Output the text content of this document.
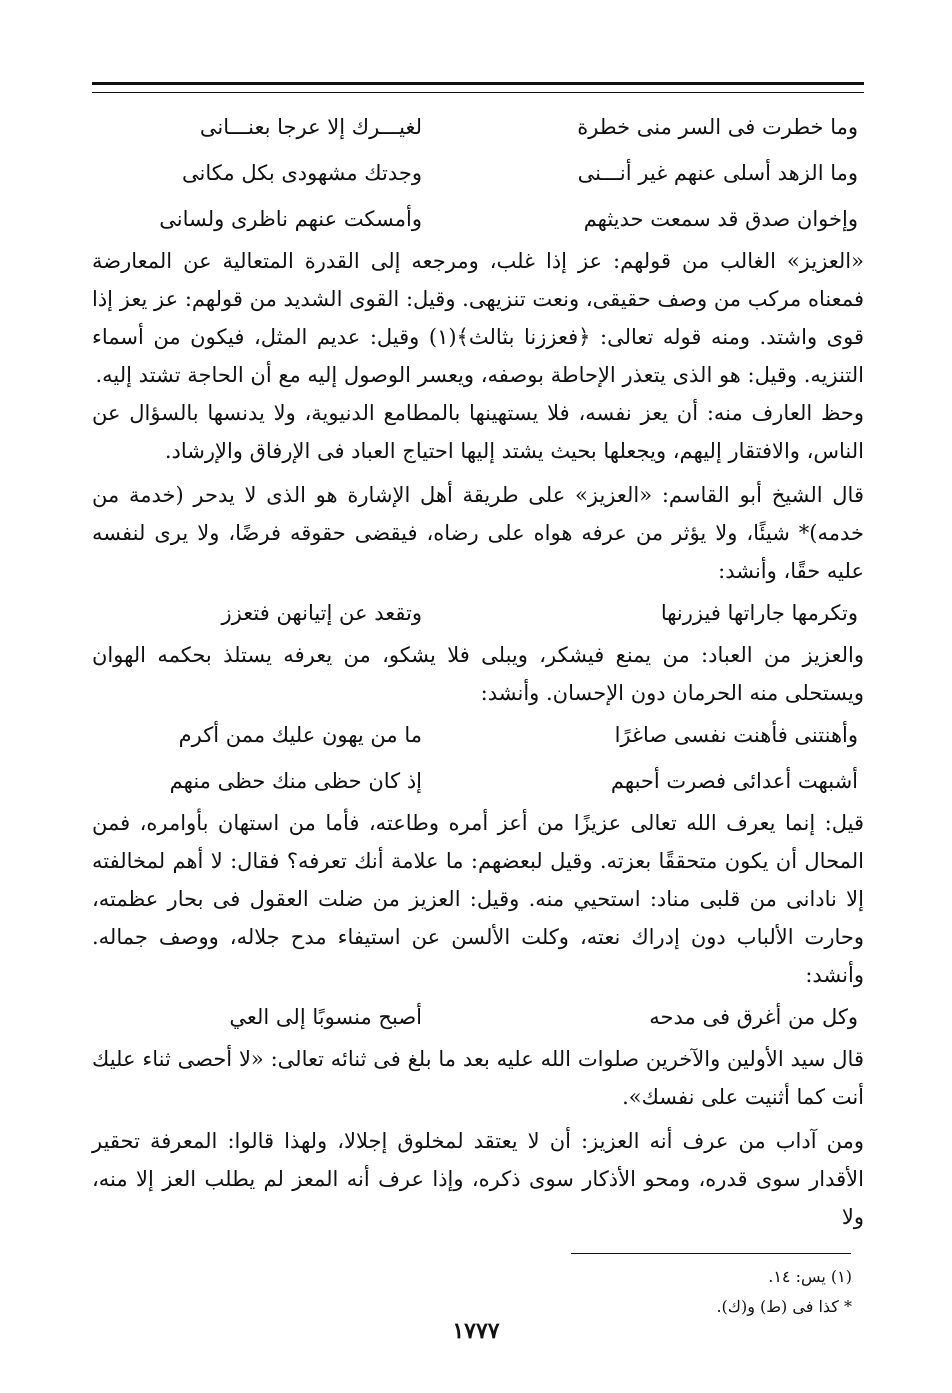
وما خطرت فى السر منى خطرة
لغيـــرك إلا عرجا بعنـــانى
وما الزهد أسلى عنهم غير أنـــنى
وجدتك مشهودى بكل مكانى
وإخوان صدق قد سمعت حديثهم
وأمسكت عنهم ناظرى ولسانى

«العزيز» الغالب من قولهم: عز إذا غلب، ومرجعه إلى القدرة المتعالية عن المعارضة فمعناه مركب من وصف حقيقى، ونعت تنزيهى. وقيل: القوى الشديد من قولهم: عز يعز إذا قوى واشتد. ومنه قوله تعالى: ﴿فعززنا بثالث﴾(١) وقيل: عديم المثل، فيكون من أسماء التنزيه. وقيل: هو الذى يتعذر الإحاطة بوصفه، ويعسر الوصول إليه مع أن الحاجة تشتد إليه.

وحظ العارف منه: أن يعز نفسه، فلا يستهينها بالمطامع الدنيوية، ولا يدنسها بالسؤال عن الناس، والافتقار إليهم، ويجعلها بحيث يشتد إليها احتياج العباد فى الإرفاق والإرشاد.

قال الشيخ أبو القاسم: «العزيز» على طريقة أهل الإشارة هو الذى لا يدحر (خدمة من خدمه)* شيئًا، ولا يؤثر من عرفه هواه على رضاه، فيقضى حقوقه فرضًا، ولا يرى لنفسه عليه حقًا، وأنشد:

وتكرمها جاراتها فيزرنها
وتقعد عن إتيانهن فتعزز

والعزيز من العباد: من يمنع فيشكر، ويبلى فلا يشكو، من يعرفه يستلذ بحكمه الهوان ويستحلى منه الحرمان دون الإحسان. وأنشد:

وأهنتنى فأهنت نفسى صاغرًا
ما من يهون عليك ممن أكرم
أشبهت أعدائى فصرت أحبهم
إذ كان حظى منك حظى منهم

قيل: إنما يعرف الله تعالى عزيزًا من أعز أمره وطاعته، فأما من استهان بأوامره، فمن المحال أن يكون متحققًا بعزته. وقيل لبعضهم: ما علامة أنك تعرفه؟ فقال: لا أهم لمخالفته إلا نادانى من قلبى مناد: استحيي منه. وقيل: العزيز من ضلت العقول فى بحار عظمته، وحارت الألباب دون إدراك نعته، وكلت الألسن عن استيفاء مدح جلاله، ووصف جماله. وأنشد:

وكل من أغرق فى مدحه
أصبح منسوبًا إلى العي

قال سيد الأولين والآخرين صلوات الله عليه بعد ما بلغ فى ثنائه تعالى: «لا أحصى ثناء عليك أنت كما أثنيت على نفسك».

ومن آداب من عرف أنه العزيز: أن لا يعتقد لمخلوق إجلالا، ولهذا قالوا: المعرفة تحقير الأقدار سوى قدره، ومحو الأذكار سوى ذكره، وإذا عرف أنه المعز لم يطلب العز إلا منه، ولا

(١) يس: ١٤.
* كذا فى (ط) و(ك).
١٧٧٧
